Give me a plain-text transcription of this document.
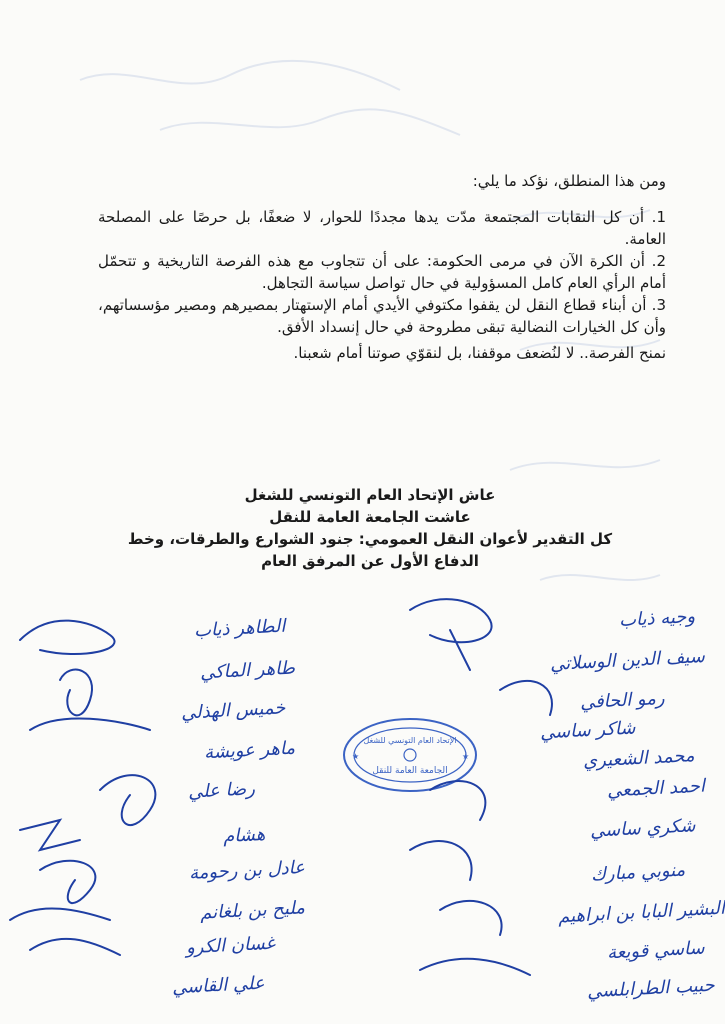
ومن هذا المنطلق، نؤكد ما يلي:

1. أن كل النقابات المجتمعة مدّت يدها مجددًا للحوار، لا ضعفًا، بل حرصًا على المصلحة العامة.

2. أن الكرة الآن في مرمى الحكومة: على أن تتجاوب مع هذه الفرصة التاريخية و تتحمّل أمام الرأي العام كامل المسؤولية في حال تواصل سياسة التجاهل.

3. أن أبناء قطاع النقل لن يقفوا مكتوفي الأيدي أمام الإستهتار بمصيرهم ومصير مؤسساتهم، وأن كل الخيارات النضالية تبقى مطروحة في حال إنسداد الأفق.

نمنح الفرصة.. لا لنُضعف موقفنا، بل لنقوّي صوتنا أمام شعبنا.

عاش الإتحاد العام التونسي للشغل
عاشت الجامعة العامة للنقل
كل التقدير لأعوان النقل العمومي: جنود الشوارع والطرقات، وخط الدفاع الأول عن المرفق العام
الإتحاد العام التونسي للشغل
الجامعة العامة للنقل
★	★
الطاهر ذياب
طاهر الماكي
خميس الهذلي
ماهر عويشة
رضا علي
هشام
عادل بن رحومة
مليح بن بلغانم
غسان الكرو
علي القاسي
وجيه ذياب
سيف الدين الوسلاتي
رمو الحافي
شاكر ساسي
محمد الشعيري
احمد الجمعي
شكري ساسي
منوبي مبارك
البشير البابا بن ابراهيم
ساسي قويعة
حبيب الطرابلسي
